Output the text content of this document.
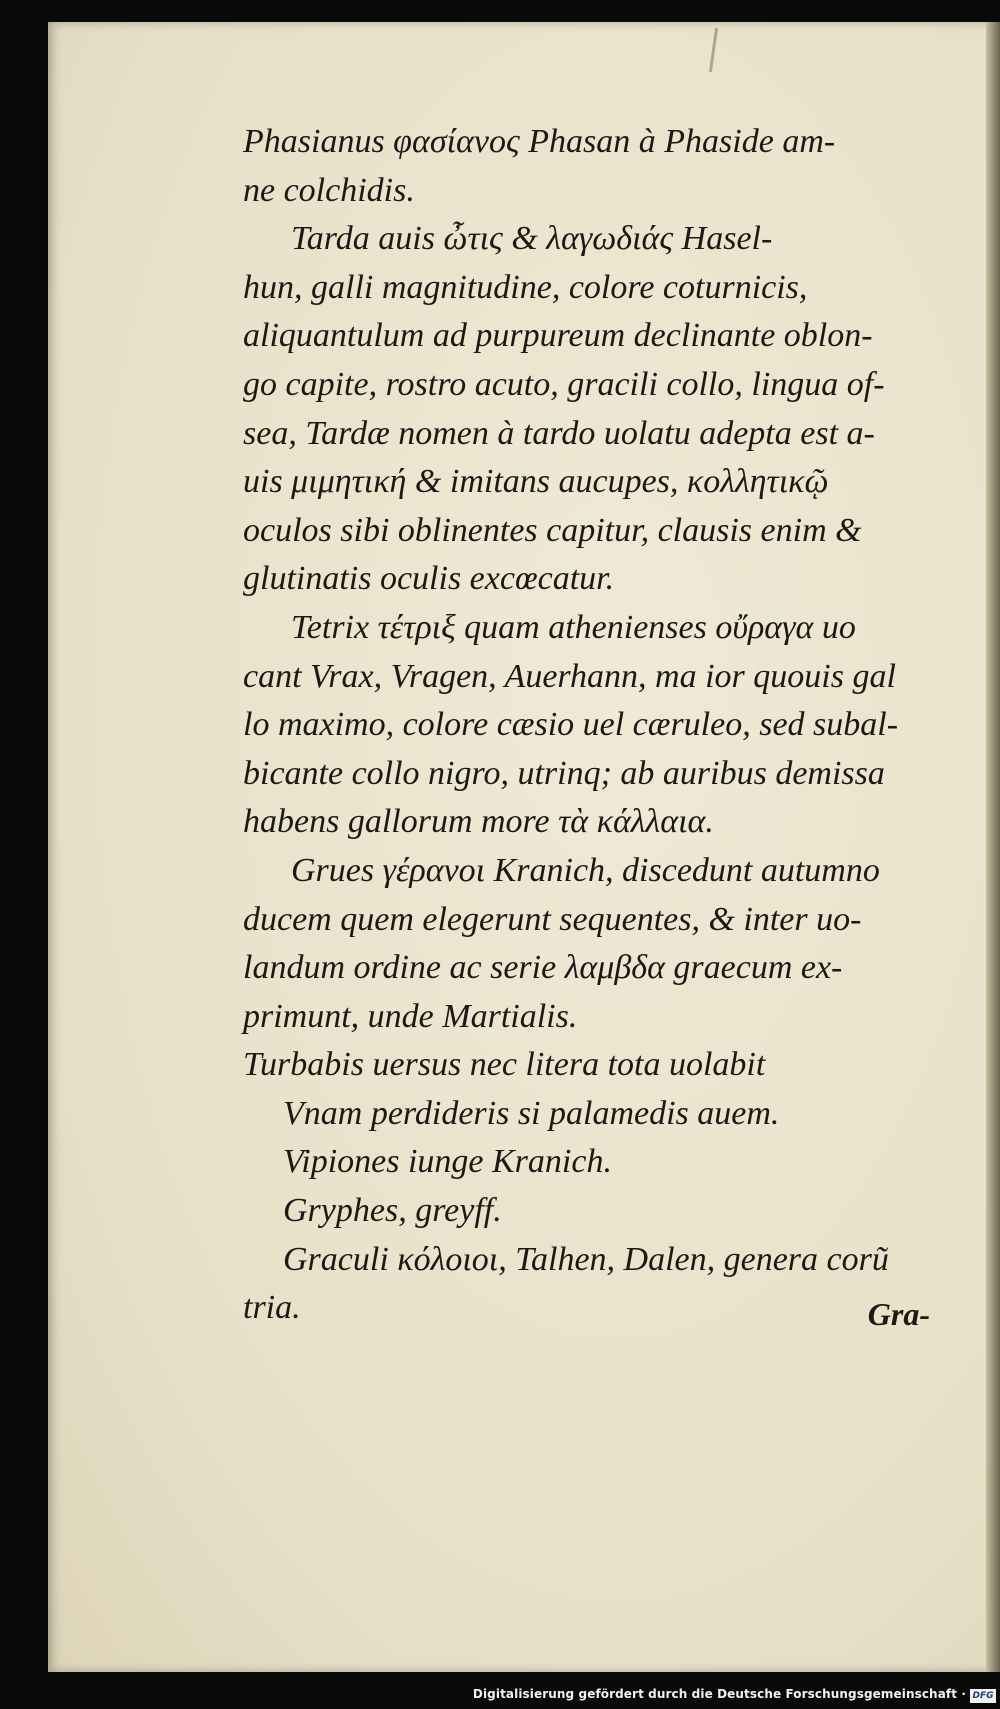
Phasianus φασίανος Phasan à Phaside am-
ne colchidis.
Tarda auis ὦτις & λαγωδιάς Hasel-
hun, galli magnitudine, colore coturnicis,
aliquantulum ad purpureum declinante oblon-
go capite, rostro acuto, gracili collo, lingua of-
sea, Tardæ nomen à tardo uolatu adepta est a-
uis μιμητική & imitans aucupes, κολλητικῷ
oculos sibi oblinentes capitur, clausis enim &
glutinatis oculis excœcatur.
Tetrix τέτριξ quam athenienses οὔραγα uo
cant Vrax, Vragen, Auerhann, ma ior quouis gal
lo maximo, colore cæsio uel cæruleo, sed subal-
bicante collo nigro, utrinq; ab auribus demissa
habens gallorum more τὰ κάλλαια.
Grues γέρανοι Kranich, discedunt autumno
ducem quem elegerunt sequentes, & inter uo-
landum ordine ac serie λαμβδα graecum ex-
primunt, unde Martialis.
Turbabis uersus nec litera tota uolabit
Vnam perdideris si palamedis auem.
Vipiones iunge Kranich.
Gryphes, greyff.
Graculi κόλοιοι, Talhen, Dalen, genera corũ
tria.	Gra-
Digitalisierung gefördert durch die Deutsche Forschungsgemeinschaft · DFG
